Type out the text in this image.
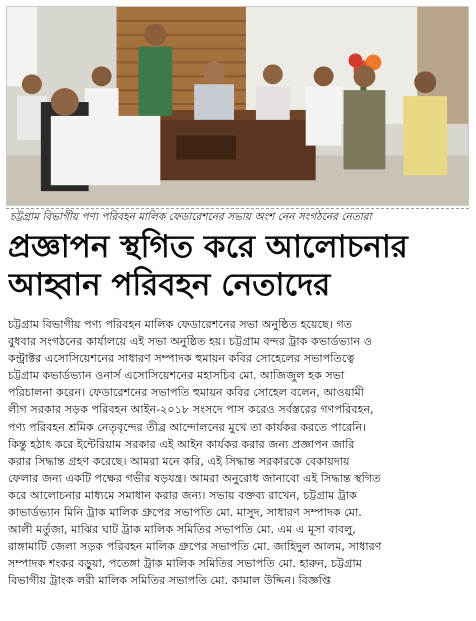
চট্টগ্রাম বিভাগীয় পণ্য পরিবহন মালিক ফেডারেশনের সভায় অংশ নেন সংগঠনের নেতারা
প্রজ্ঞাপন স্থগিত করে আলোচনার
আহ্বান পরিবহন নেতাদের
চট্টগ্রাম বিভাগীয় পণ্য পরিবহন মালিক ফেডারেশনের সভা অনুষ্ঠিত হয়েছে। গত
বুধবার সংগঠনের কার্যালয়ে এই সভা অনুষ্ঠিত হয়। চট্টগ্রাম বন্দর ট্রাক কভার্ডভ্যান ও
কন্ট্রাক্টর এসোসিয়েশনের সাধারণ সম্পাদক হুমায়ন কবির সোহেলের সভাপতিত্বে
চট্টগ্রাম কভার্ডভ্যান ওনার্স এসোসিয়েশনের মহাসচিব মো. আজিজুল হক সভা
পরিচালনা করেন। ফেডারেশনের সভাপতি হুমায়ন কবির সোহেল বলেন, আওয়ামী
লীগ সরকার সড়ক পরিবহন আইন-২০১৮ সংসদে পাস করেও সর্বস্তরের গণপরিবহন,
পণ্য পরিবহন শ্রমিক নেতৃবৃন্দের তীব্র আন্দোলনের মুখে তা কার্যকর করতে পারেনি।
কিন্তু হঠাৎ করে ইন্টেরিয়াম সরকার এই আইন কার্যকর করার জন্য প্রজ্ঞাপন জারি
করার সিদ্ধান্ত গ্রহণ করেছে। আমরা মনে করি, এই সিদ্ধান্ত সরকারকে বেকায়দায়
ফেলার জন্য একটি পক্ষের গভীর ষড়যন্ত্র। আমরা অনুরোধ জানাবো এই সিদ্ধান্ত স্থগিত
করে আলোচনার মাধ্যমে সমাধান করার জন্য। সভায় বক্তব্য রাখেন, চট্টগ্রাম ট্রাক
কাভার্ডভ্যান মিনি ট্রাক মালিক গ্রুপের সভাপতি মো. মাসুদ, সাধারণ সম্পাদক মো.
আলী মর্তুজা, মাঝির ঘাট ট্রাক মালিক সমিতির সভাপতি মো. এম এ মূসা বাবলু,
রাঙ্গামাটি জেলা সড়ক পরিবহন মালিক গ্রুপের সভাপতি মো. জাহিদুল আলম, সাধারণ
সম্পাদক শংকর বড়ুয়া, পতেঙ্গা ট্রাক মালিক সমিতির সভাপতি মো. হারুন, চট্টগ্রাম
বিভাগীয় ট্রাংক লরী মালিক সমিতির সভাপতি মো. কামাল উদ্দিন। বিজ্ঞপ্তি
